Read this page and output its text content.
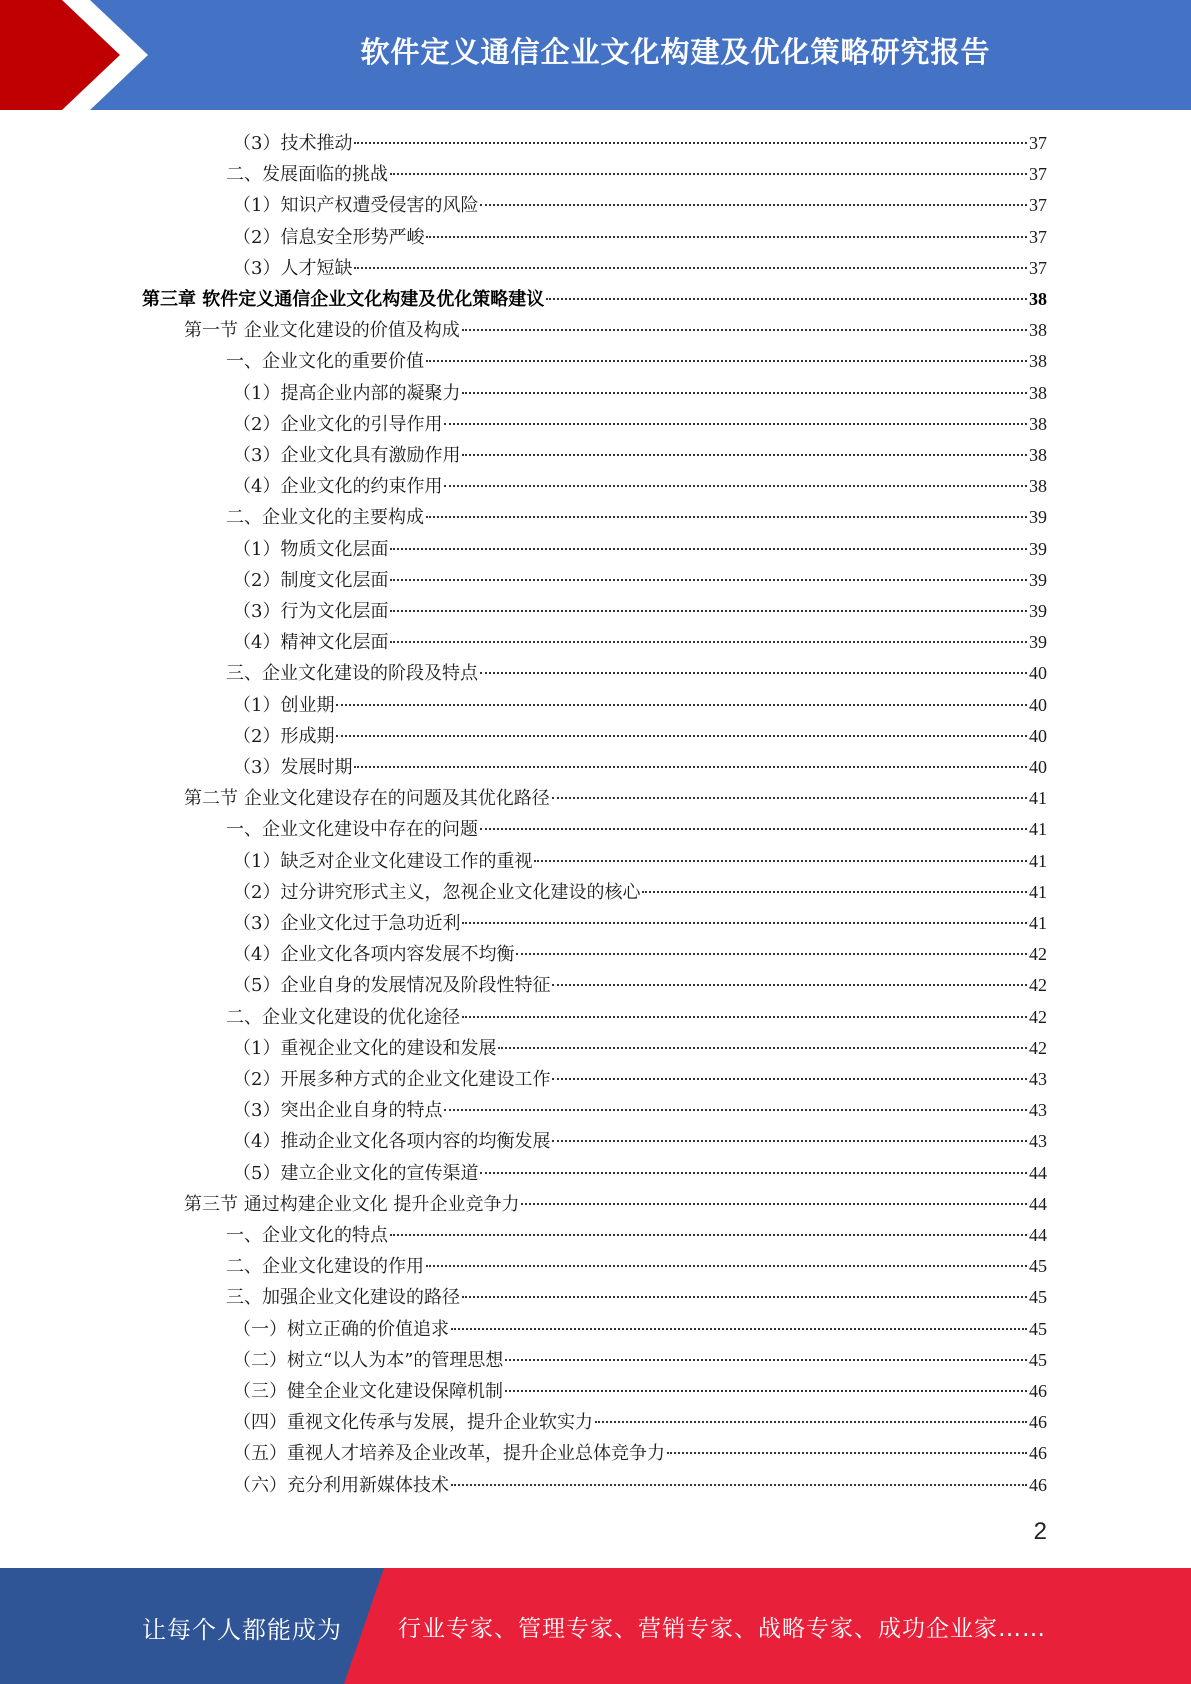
软件定义通信企业文化构建及优化策略研究报告
（3）技术推动	37
二、发展面临的挑战	37
（1）知识产权遭受侵害的风险	37
（2）信息安全形势严峻	37
（3）人才短缺	37
第三章 软件定义通信企业文化构建及优化策略建议	38
第一节 企业文化建设的价值及构成	38
一、企业文化的重要价值	38
（1）提高企业内部的凝聚力	38
（2）企业文化的引导作用	38
（3）企业文化具有激励作用	38
（4）企业文化的约束作用	38
二、企业文化的主要构成	39
（1）物质文化层面	39
（2）制度文化层面	39
（3）行为文化层面	39
（4）精神文化层面	39
三、企业文化建设的阶段及特点	40
（1）创业期	40
（2）形成期	40
（3）发展时期	40
第二节 企业文化建设存在的问题及其优化路径	41
一、企业文化建设中存在的问题	41
（1）缺乏对企业文化建设工作的重视	41
（2）过分讲究形式主义，忽视企业文化建设的核心	41
（3）企业文化过于急功近利	41
（4）企业文化各项内容发展不均衡	42
（5）企业自身的发展情况及阶段性特征	42
二、企业文化建设的优化途径	42
（1）重视企业文化的建设和发展	42
（2）开展多种方式的企业文化建设工作	43
（3）突出企业自身的特点	43
（4）推动企业文化各项内容的均衡发展	43
（5）建立企业文化的宣传渠道	44
第三节 通过构建企业文化 提升企业竞争力	44
一、企业文化的特点	44
二、企业文化建设的作用	45
三、加强企业文化建设的路径	45
（一）树立正确的价值追求	45
（二）树立“以人为本”的管理思想	45
（三）健全企业文化建设保障机制	46
（四）重视文化传承与发展，提升企业软实力	46
（五）重视人才培养及企业改革，提升企业总体竞争力	46
（六）充分利用新媒体技术	46
2
让每个人都能成为 行业专家、管理专家、营销专家、战略专家、成功企业家……
